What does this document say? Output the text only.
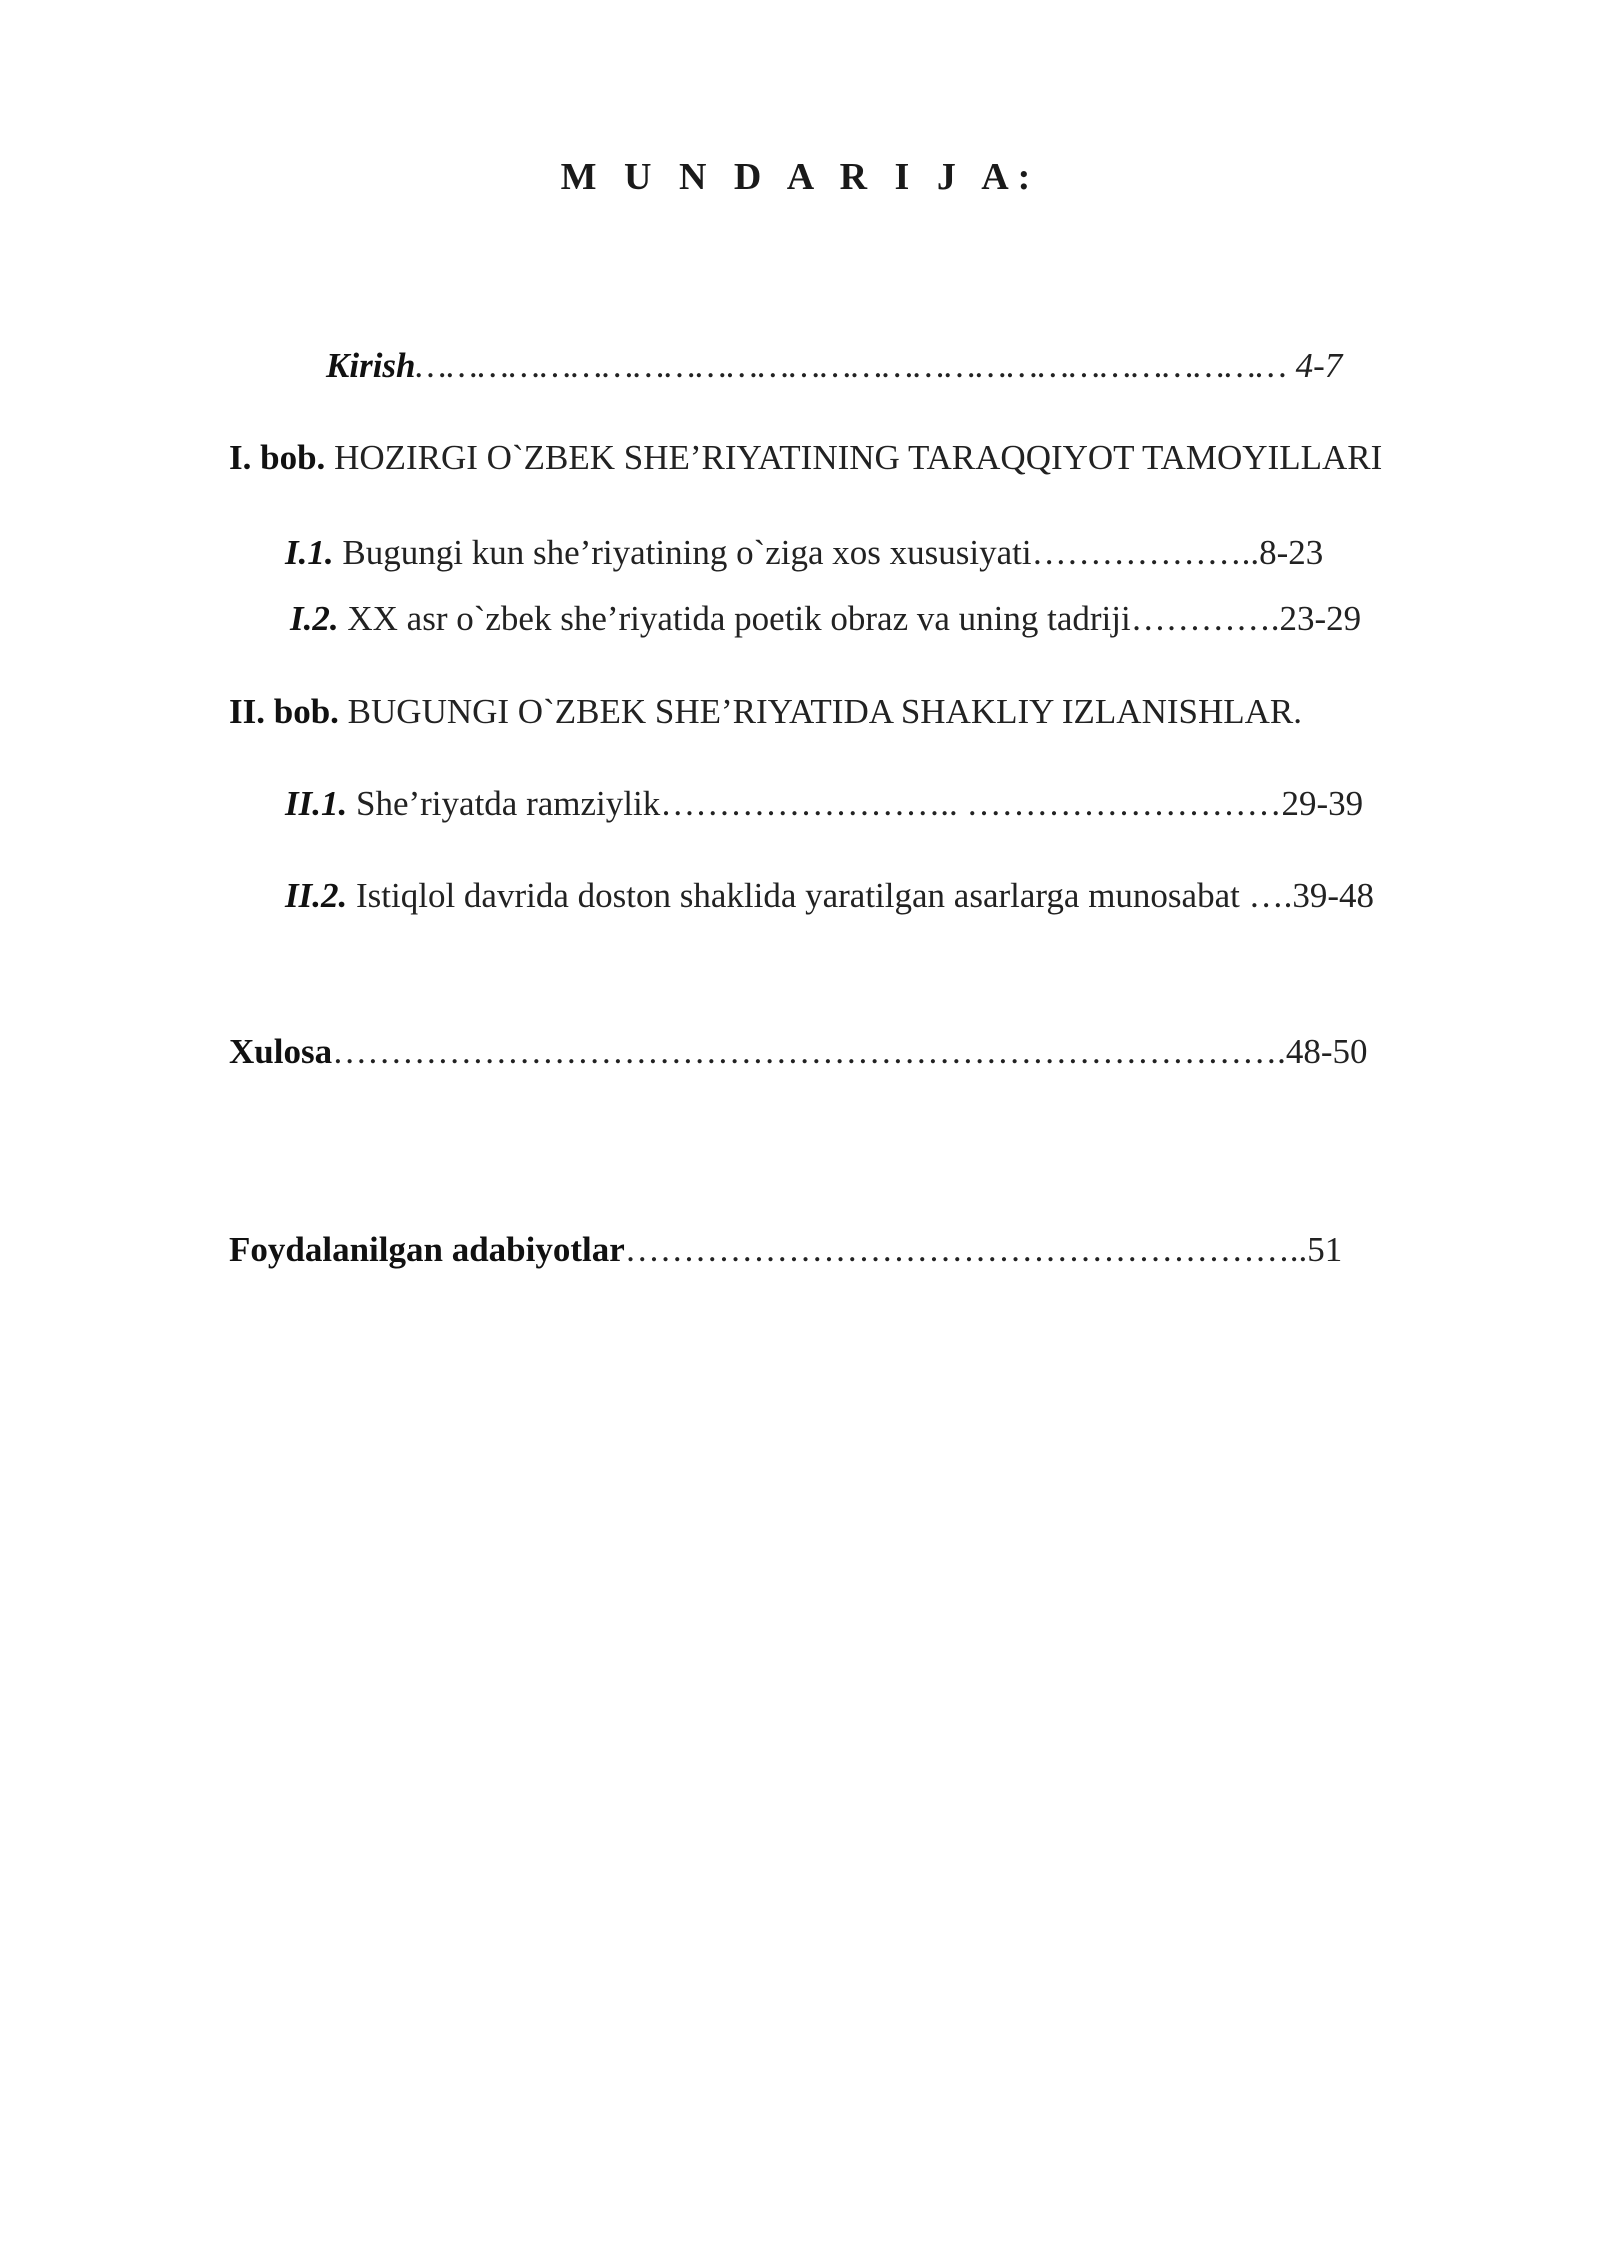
M U N D A R I J A:
Kirish………………………………………………………………………… 4-7
I. bob. HOZIRGI O`ZBEK SHE’RIYATINING TARAQQIYOT TAMOYILLARI
I.1. Bugungi kun she’riyatining o`ziga xos xususiyati………………..8-23
I.2. XX asr o`zbek she’riyatida poetik obraz va uning tadriji………….23-29
II. bob. BUGUNGI O`ZBEK SHE’RIYATIDA SHAKLIY IZLANISHLAR.
II.1. She’riyatda ramziylik…………………….. ………………………29-39
II.2. Istiqlol davrida doston shaklida yaratilgan asarlarga munosabat ….39-48
Xulosa……………………………………………………………………….48-50
Foydalanilgan adabiyotlar…………………………………………………..51
